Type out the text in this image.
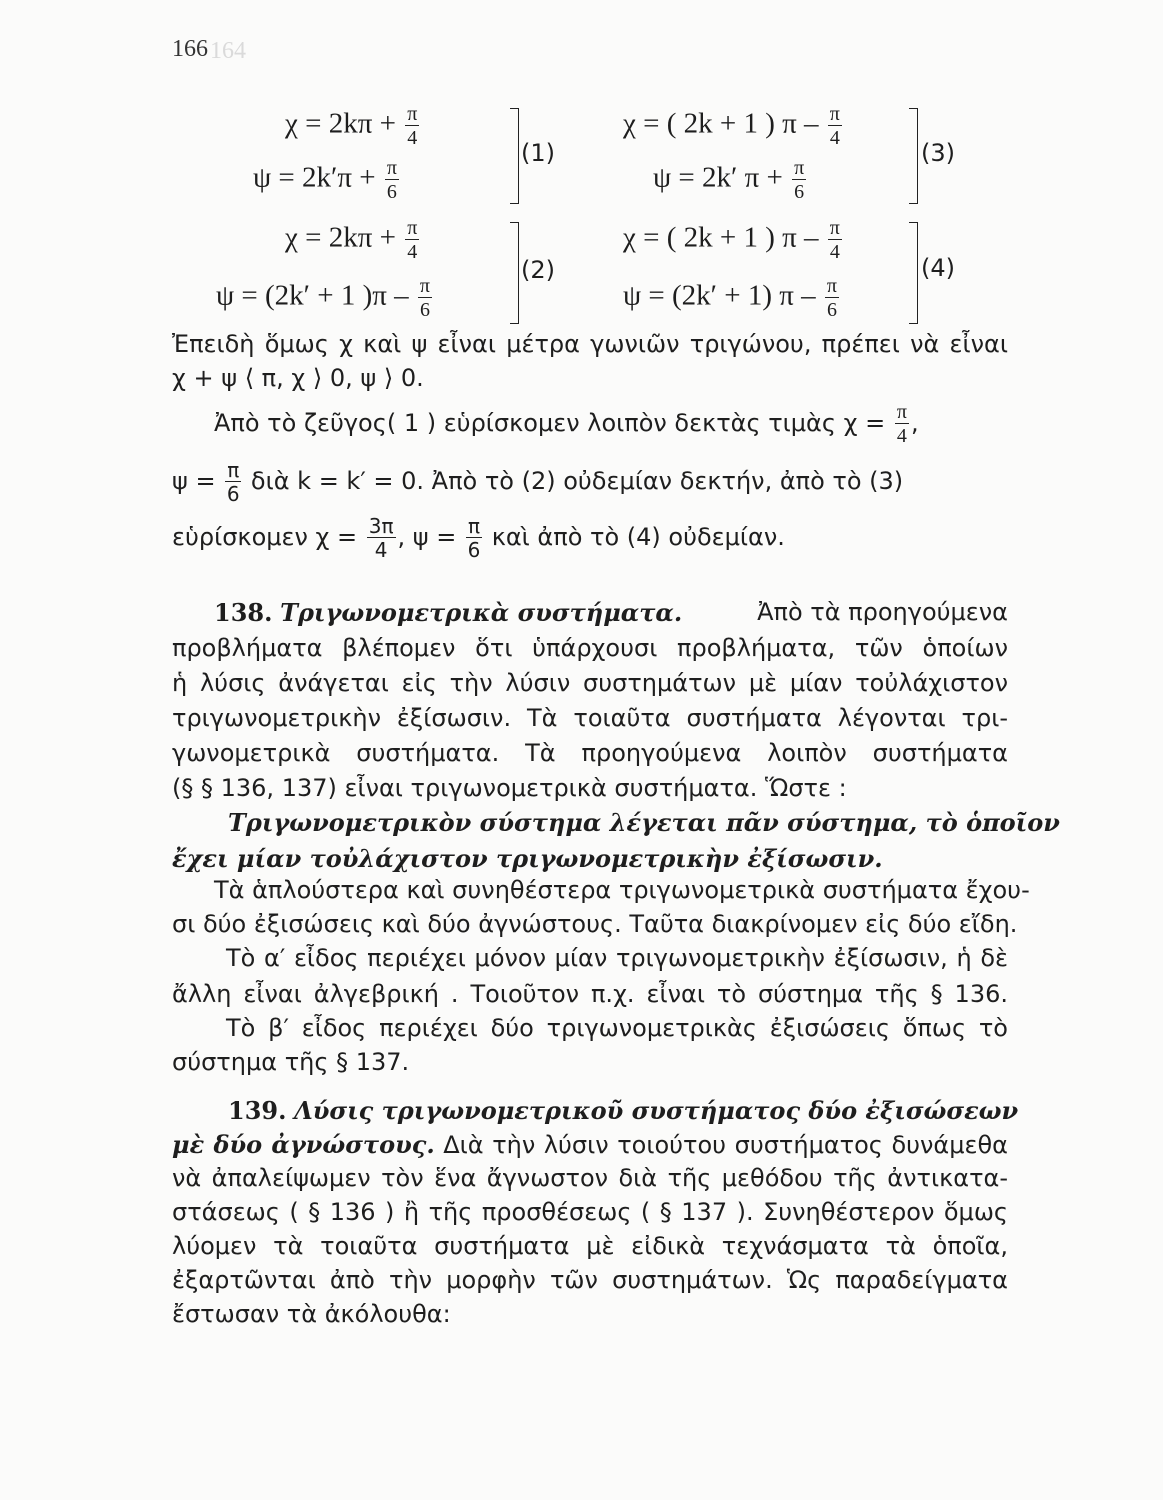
166 164
$\chi = 2k\pi + \frac{\pi}{4}$
$\psi = 2k'\pi + \frac{\pi}{6}$
(1)
χ = ( 2k + 1 ) π – $\frac{\pi}{4}$
ψ = 2k′ $\pi + \frac{\pi}{6}$
(3)
$\chi = 2k\pi + \frac{\pi}{4}$
ψ = (2k′ + 1 )$\pi - \frac{\pi}{6}$
(2)
χ = ( 2k + 1 ) π – $\frac{\pi}{4}$
ψ = (2k′ + 1) π – $\frac{\pi}{6}$
(4)
Ἐπειδὴ ὅμως χ καὶ ψ εἶναι μέτρα γωνιῶν τριγώνου, πρέπει νὰ εἶναι
χ + ψ ⟨ π, χ ⟩ 0, ψ ⟩ 0.
Ἀπὸ τὸ ζεῦγος( 1 ) εὑρίσκομεν λοιπὸν δεκτὰς τιμὰς $\chi = \frac{\pi}{4}$ ,
$\psi = \frac{\pi}{6}$ διὰ k = k′ = 0. Ἀπὸ τὸ (2) οὐδεμίαν δεκτήν, ἀπὸ τὸ (3)
εὑρίσκομεν $\chi = \frac{3\pi}{4}$ , $\psi = \frac{\pi}{6}$ καὶ ἀπὸ τὸ (4) οὐδεμίαν.
138. Τριγωνομετρικὰ συστήματα.	Ἀπὸ τὰ προηγούμενα
προβλήματα βλέπομεν ὅτι ὑπάρχουσι προβλήματα, τῶν ὁποίων
ἡ λύσις ἀνάγεται εἰς τὴν λύσιν συστημάτων μὲ μίαν τοὐλάχιστον
τριγωνομετρικὴν ἐξίσωσιν. Τὰ τοιαῦτα συστήματα λέγονται τρι-
γωνομετρικὰ συστήματα. Τὰ προηγούμενα λοιπὸν συστήματα
(§ § 136, 137) εἶναι τριγωνομετρικὰ συστήματα. Ὥστε :
Τριγωνομετρικὸν σύστημα λέγεται πᾶν σύστημα, τὸ ὁποῖον
ἔχει μίαν τοὐλάχιστον τριγωνομετρικὴν ἐξίσωσιν.
Τὰ ἁπλούστερα καὶ συνηθέστερα τριγωνομετρικὰ συστήματα ἔχου-
σι δύο ἐξισώσεις καὶ δύο ἀγνώστους. Ταῦτα διακρίνομεν εἰς δύο εἴδη.
Τὸ α′ εἶδος περιέχει μόνον μίαν τριγωνομετρικὴν ἐξίσωσιν, ἡ δὲ
ἄλλη εἶναι ἀλγεβρική . Τοιοῦτον π.χ. εἶναι τὸ σύστημα τῆς § 136.
Τὸ β′ εἶδος περιέχει δύο τριγωνομετρικὰς ἐξισώσεις ὅπως τὸ
σύστημα τῆς § 137.
139. Λύσις τριγωνομετρικοῦ συστήματος δύο ἐξισώσεων
μὲ δύο ἀγνώστους. Διὰ τὴν λύσιν τοιούτου συστήματος δυνάμεθα
νὰ ἀπαλείψωμεν τὸν ἕνα ἄγνωστον διὰ τῆς μεθόδου τῆς ἀντικατα-
στάσεως ( § 136 ) ἢ τῆς προσθέσεως ( § 137 ). Συνηθέστερον ὅμως
λύομεν τὰ τοιαῦτα συστήματα μὲ εἰδικὰ τεχνάσματα τὰ ὁποῖα,
ἐξαρτῶνται ἀπὸ τὴν μορφὴν τῶν συστημάτων. Ὡς παραδείγματα
ἔστωσαν τὰ ἀκόλουθα:
